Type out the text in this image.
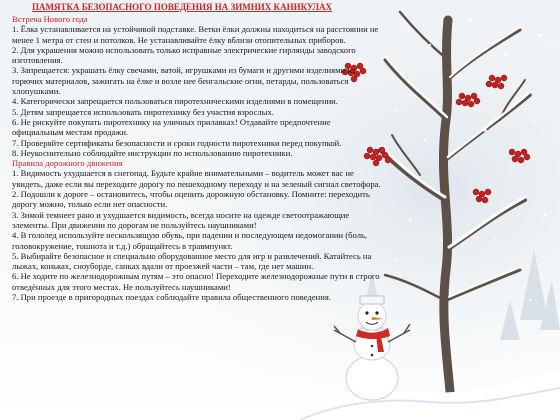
ПАМЯТКА БЕЗОПАСНОГО ПОВЕДЕНИЯ НА ЗИМНИХ КАНИКУЛАХ
Встреча Нового года

1. Ёлка устанавливается на устойчивой подставке. Ветки ёлки должны находиться на расстоянии не менее 1 метра от стен и потолков. Не устанавливайте ёлку вблизи отопительных приборов.

2. Для украшения можно использовать только исправные электрические гирлянды заводского изготовления.

3. Запрещается: украшать ёлку свечами, ватой, игрушками из бумаги и другими изделиями из горючих материалов, зажигать на ёлке и возле нее бенгальские огни, петарды, пользоваться хлопушками.

4. Категорически запрещается пользоваться пиротехническими изделиями в помещении.

5. Детям запрещается использовать пиротехнику без участия взрослых.

6. Не рискуйте покупать пиротехнику на уличных прилавках! Отдавайте предпочтение официальным местам продажи.

7. Проверяйте сертификаты безопасности и сроки годности пиротехники перед покупкой.

8. Неукоснительно соблюдайте инструкции по использованию пиротехники.

Правила дорожного движения

1. Видимость ухудшается в снегопад. Будьте крайне внимательными – водитель может вас не увидеть, даже если вы переходите дорогу по пешеходному переходу и на зеленый сигнал светофора.

2. Подошли к дороге – остановитесь, чтобы оценить дорожную обстановку. Помните: переходить дорогу можно, только если нет опасности.

3. Зимой темнеет рано и ухудшается видимость, всегда носите на одежде светоотражающие элементы. При движении по дорогам не пользуйтесь наушниками!

4. В гололед используйте нескользящую обувь, при падении и последующем недомогании (боль, головокружение, тошнота и т.д.) обращайтесь в травмпункт.

5. Выбирайте безопасное и специально оборудованное место для игр и развлечений. Катайтесь на лыжах, коньках, сноуборде, санках вдали от проезжей части – там, где нет машин.

6. Не ходите по железнодорожным путям – это опасно! Переходите железнодорожные пути в строго отведённых для этого местах. Не пользуйтесь наушниками!

7. При проезде в пригородных поездах соблюдайте правила общественного поведения.
